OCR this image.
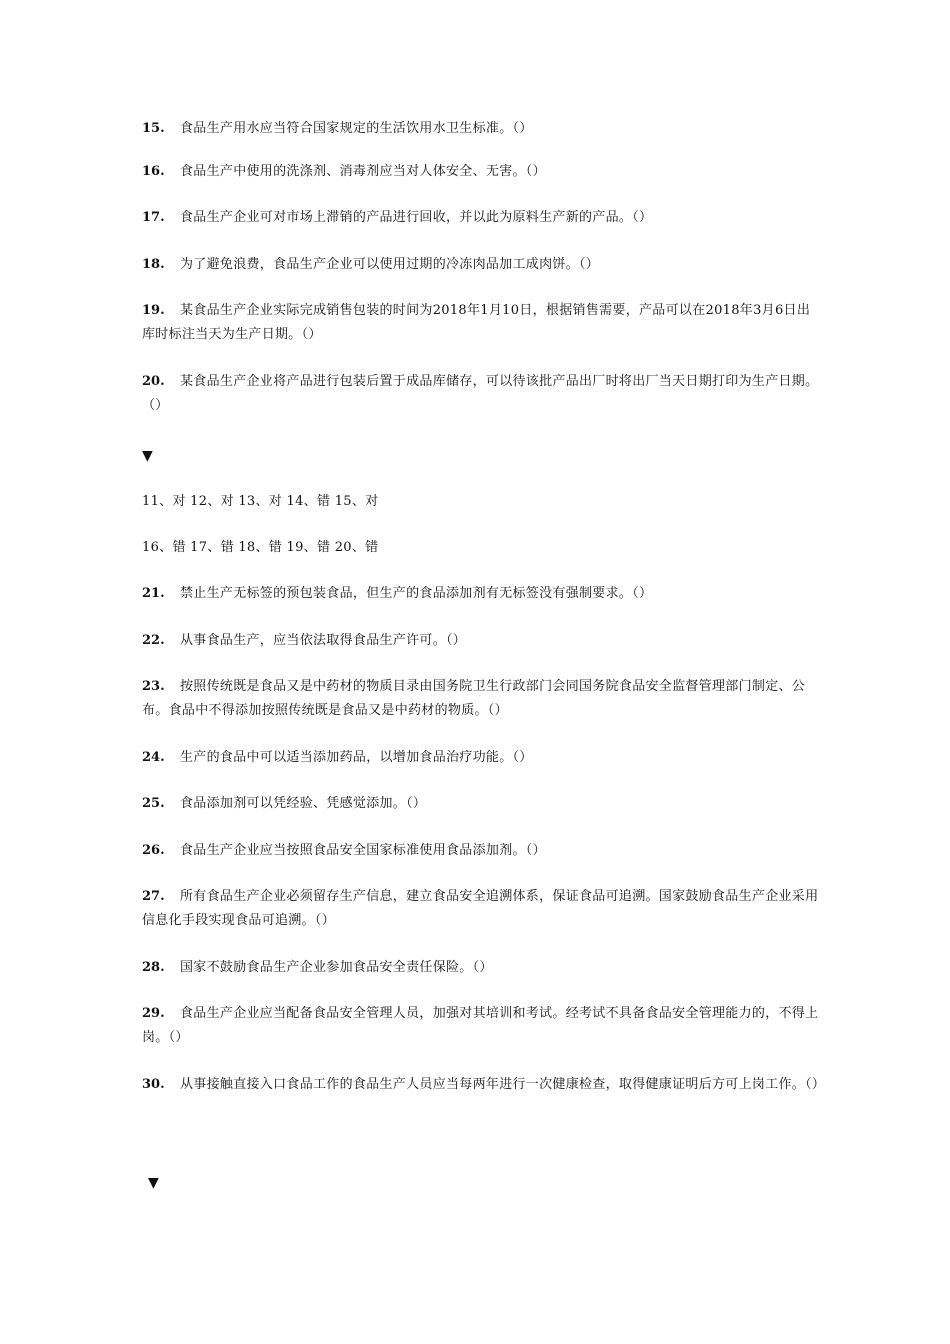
15. 食品生产用水应当符合国家规定的生活饮用水卫生标准。（）
16. 食品生产中使用的洗涤剂、消毒剂应当对人体安全、无害。（）
17. 食品生产企业可对市场上滞销的产品进行回收，并以此为原料生产新的产品。（）
18. 为了避免浪费，食品生产企业可以使用过期的冷冻肉品加工成肉饼。（）
19. 某食品生产企业实际完成销售包装的时间为2018年1月10日，根据销售需要，产品可以在2018年3月6日出库时标注当天为生产日期。（）
20. 某食品生产企业将产品进行包装后置于成品库储存，可以待该批产品出厂时将出厂当天日期打印为生产日期。（）
▼
11、对 12、对 13、对 14、错 15、对
16、错 17、错 18、错 19、错 20、错
21. 禁止生产无标签的预包装食品，但生产的食品添加剂有无标签没有强制要求。（）
22. 从事食品生产，应当依法取得食品生产许可。（）
23. 按照传统既是食品又是中药材的物质目录由国务院卫生行政部门会同国务院食品安全监督管理部门制定、公布。食品中不得添加按照传统既是食品又是中药材的物质。（）
24. 生产的食品中可以适当添加药品，以增加食品治疗功能。（）
25. 食品添加剂可以凭经验、凭感觉添加。（）
26. 食品生产企业应当按照食品安全国家标准使用食品添加剂。（）
27. 所有食品生产企业必须留存生产信息，建立食品安全追溯体系，保证食品可追溯。国家鼓励食品生产企业采用信息化手段实现食品可追溯。（）
28. 国家不鼓励食品生产企业参加食品安全责任保险。（）
29. 食品生产企业应当配备食品安全管理人员，加强对其培训和考试。经考试不具备食品安全管理能力的，不得上岗。（）
30. 从事接触直接入口食品工作的食品生产人员应当每两年进行一次健康检查，取得健康证明后方可上岗工作。（）
▼
